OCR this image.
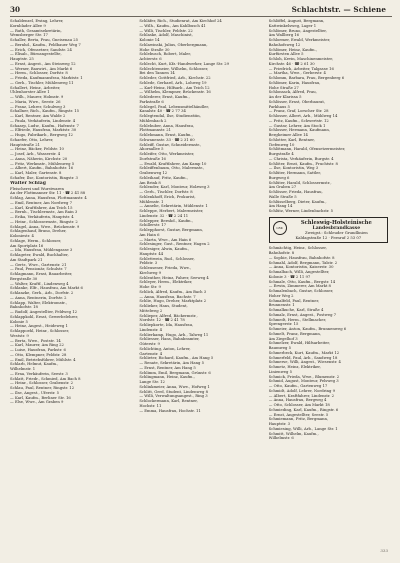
30	Schlachtstr. — Schiene
Schaldenzel, Ewing, Lehrer,
Kornblader Allee 9
— Ruth, Gesamtsekretärin,
Wemsberger Str. 17
Schaller, Berta, Frau, Gneisenau 25
— Bernhd., Kaufm., Feldbauer Weg 7
— Erich, Ofensetzer, Sandstr. 24
— Elisab., Büroangestellte,
Hauptstr. 25
— Ernst, Angest., Am Steinweg 12
— Werner, Bauwirt., Am Markt 6
— Herm., Schlosser, Dorfstr. 8
— Frieda, Kaufmannsfrau, Marktstr. 1
— Gerh., Tischler, Mühlenweg 11
Schallert, Heinr., Arbeiter,
Uhlenhorster Allee 1
— Wilh., Maurer, Holmstr. 9
— Maria, Wwe., Seestr. 26
— Franz, Lehrer, Schulweg 3
Schallner, Rich., Kaufm., Ringstr. 15
— Karl, Rentner, Am Walde 2
— Paula, Verkäuferin, Lindenstr. 4
Schaarp, Ludw., Kaufm., Hafenstr. 7
— Elfriede, Hausfrau, Marktstr. 30
— Hugo, Fabrikarb., Bergweg 12
Schaefer, Otto, Lehrer,
Hauptstraße 21
— Heinz, Bäcker, Feldstr. 10
— Josef, Arb., Wasserstr. 4
— Anna, Näherin, Kirchstr. 20
— Fritz, Werkmstr., Mühlenweg 5
— Albert, Kaufm., Bahnhofstr. 16
— Karl, Maler, Gartenstr. 8
Schafer, Ilse, Kontoristin, Ringstr. 3
Walter Schlag
Fleischerei und Wurstwaren
An der Flottmanner Str. 11 · ☎ 2 41 88
Schlag, Anna, Hausfrau, Flottmannstr. 4
— Emil, Rentner, Am Nordweg 7
— Karl, Kraftfahrer, Am Teich 15
— Bernh., Tischlermstr., Am Rain 3
— Erika, Verkäuferin, Hauptstr. 4
— Heinr., Schlossermstr., Ringstr. 2
Schlagel, Anna, Wwe., Brückenstr. 9
Schlagenhauf, Bruno, Dreher,
Koloniestr. 4
Schlage, Herm., Schlosser,
Am Sportplatz 16
— Ida, Hausfrau, Mühlengasse 3
Schlageter, Ewald, Buchhalter,
Am Stadtpark 21
— Gertr., Wwe., Gartenstr. 21
— Paul, Pensionär, Schulstr. 7
Schlagmann, Ernst, Bauarbeiter,
Bergstraße 30
— Walter, Kraftf., Lindenweg 4
Schlanke, Elfr., Hausfrau, Am Markt 6
Schlanzke, Gerh., Arb., Dorfstr. 2
— Anna, Rentnerin, Dorfstr. 2
Schlapp, Walter, Elektromstr.,
Bahnhofstr. 18
— Rudolf, Angestellter, Feldweg 12
Schlappkohl, Ernst, Gewerbelehrer,
Kolonie 5
— Heinz, Angest., Heideweg 1
Schlappoehl, Heinr., Schlosser,
Weststr. 9
— Berta, Wwe., Poststr. 14
— Karl, Maurer, Am Ring 22
— Luise, Hausfrau, Parkstr. 6
— Otto, Klempner, Feldstr. 28
— Emil, Betriebsführer, Mühlstr. 4
Schlarb, Helmut, Kaufm.,
Wilhelmstr. 1
— Erna, Verkäuferin, Seestr. 3
Schlatt, Friedr., Schmied, Am Bach 8
— Heinr., Schlosser, Grabenstr. 2
Schlau, Paul, Rentner, Ringstr. 12
— Ilse, Angest., Uferstr. 5
— Karl, Kaufm., Berliner Str. 16
— Else, Wwe., Am Graben 9
Schläfer, Rich., Studienrat, Am Kirchhof 24
— Wilh., Kaufm., Am Kahlbusch 41
— Willi, Tischler, Feldstr. 22
Schlaske, Adolf, Maschinist,
Kolonie 14
Schlawinski, Julius, Oberbergmann,
Hohe Straße 30
Schlebusch, Robert, Maler,
Achterstr. 6
Schlecht, Kurt, Kfz.-Handwerker, Lange Str. 29
Schlechtemeier, Wilhelm, Schlosser,
Bei den Tannen 14
Schleder, Gottfried, Arb., Kirchstr. 22
Schlede, Gerhard, Arb., Lohweg 19
— Karl-Heinz, Hilfsarb., Am Teich 12
— Wilhelm, Klempner, Brückenstr. 16
Schlederer, Ernst, Kaufm.,
Parkstraße 6
Schlegel, Paul, Lebensmittelhändler,
Kanalstr. 40 · ☎ 2 77 34
Schlegtendal, Ilse, Studienrätin,
Mühlenbach 2
Schlehuber, Anna, Hausfrau,
Flottmannstr. 21
Schlehmann, Ernst, Kaufm.,
Schwanenstr. 33 · ☎ 2 31 60
Schleiff, Gustav, Schneidermstr.,
Ahornallee 5
Schleifer, Otto, Werkmeister,
Dorfstraße 16
— Ewald, Kraftfahrer, Am Kamp 10
Schleiffenbaum, Otto, Malermstr.,
Grabenweg 12
Schleihauf, Fritz, Kaufm.,
Am Brink 8
Schlender, Karl, Monteur, Holzweg 3
— Gerh., Tischler, Dorfstr. 8
Schlenkhoff, Erich, Prokurist,
Mühlenstr. 1
— Annelie, Sekretärin, Mühlenstr. 1
Schleppe, Herbert, Malermeister,
Lindenstr. 32 · ☎ 2 24 11
Schlepper, Bernhd., Kaufm.,
Schillerstr. 17
Schlepphorst, Gustav, Bergmann,
Am Hain 6
— Marta, Wwe., Am Hain 6
Schlesinger, Gust., Rentner, Hagen 2
Schlesiger, Alwin, Kaufm.,
Hauptstr. 44
Schlettwein, Rud., Schlosser,
Feldstr. 3
Schleusener, Frieda, Wwe.,
Kirchweg 9
Schleuther, Heinz, Fahrer, Seeweg 4
Schleyer, Herm., Elektriker,
Hohe Str. 9
Schlick, Alfred, Kaufm., Am Bach 3
— Anna, Hausfrau, Bachstr. 7
Schlie, Hugo, Dreher, Marktplatz 2
Schlieker, Hans, Student,
Mittelweg 2
Schlieper, Alfred, Bäckermstr.,
Nordstr. 12 · ☎ 2 41 78
Schliepkorte, Ida, Hausfrau,
Lindenstr. 4
Schlierkamp, Hugo, Arb., Talweg 11
Schliesser, Hans, Bahnbeamter,
Güterstr. 9
Schlichting, Anton, Lehrer,
Gartenstr. 4
Schlieter, Richard, Kaufm., Am Hang 5
— Renate, Sekretärin, Am Hang 5
— Ernst, Rentner, Am Hang 5
Schlimm, Emil, Bergmann, Grünstr. 6
Schlingmann, Heinz, Kaufm.,
Lange Str. 12
Schlinkmeier, Anna, Wwe., Hofweg 1
Schlitt, Gerd, Student, Lindenweg 8
— Willi, Verwaltungsangest., Ring 3
Schlockermann, Karl, Rentner,
Hochstr. 11
— Emma, Hausfrau, Hochstr. 11
Schlöffel, August, Bergmann,
Kattwinkelsweg, Lager 1
Schlömer, Bruno, Angestellter,
Am Wallberg 16
Schloemer, Ewald, Werkmeister,
Bahnhofsweg 12
Schlömer, Heinz, Kaufm.,
Kurfürsten Allee 5
Schloh, Kevin, Maschinenmeister,
Kirchstr. 46 · ☎ 2 61 30
— Friedrich, Arbeiter, Talgasse 16
— Martha, Wwe., Gerberstr. 4
Schlomm, Barbara, Frau, Bergenberg 6
Schlömer, Karin, Hausfrau,
Hohe Straße 27
Schlonsack, Alfred, Frau,
An der Klarissa 5
Schlösser, Ernst, Oberbaurat,
Parkhaus 5
— Franz, Graf, Lorscher Str. 28
Schlosser, Albert, Arb., Mühlweg 14
— Fritz, Kaufm., Schwertstr. 12
— Gustav, Lehrer, Am Stock 1
Schlosser, Hermann, Kaufmann,
Bergheimer Allee 14
Schlotter, Karl, Rentner,
Tiefenweg 10
Schlötmann, Harald, Ofensetzermeister,
Burgstraße 4
— Christa, Verkäuferin, Burgstr. 4
Schlöter, Ernst, Kaufm., Fruchtstr. 8
— Ilse, Kontoristin, Weg 3
Schlüter, Hermann, Sattler,
Burgweg 6
Schlüter, Harald, Schlossermstr.,
Am Graben 27
Schlösser, Frieda, Hausfrau,
Walle Straße 5
Schlüsselberg, Dieter, Kaufm.,
Am Hang 14
Schlütz, Werner, Lindenbachstr. 5
LBK
Schleswig-Holsteinische
Landesbrandkasse
Zweigst.: Schleuder Grundlinien
Kaldagstraße 12 · Fernruf 2 53 07
Schmächtig, Heinr., Schlosser,
Bahnhofstr. 8
— Sophie, Hausfrau, Bahnhofstr. 8
Schmahl, Adolf, Bergmann, Talstr. 2
— Anna, Kontoristin, Kaiserstr. 30
Schmalbach, Willi, Angestellter,
Kolonie 3 · ☎ 2 11 97
Schmale, Otto, Kaufm., Bergstr. 14
— Erwin, Zimmerer, Am Markt 8
Schmalenbach, Gustav, Schlosser,
Hoher Weg 2
Schmalfeld, Paul, Rentner,
Brunnenstr. 1
Schmalkuche, Karl, Straße 4
Schmalz, Ernst, Angest., Postweg 7
Schmedt, Herm., Stellmacher,
Sprengerstr. 15
Schmeier, Anton, Kaufm., Brunnenweg 6
Schmelt, Franz, Bergmann,
Am Ziegelhof 3
Schmelzer, Ewald, Hilfsarbeiter,
Baumweg 5
Schmerbeck, Kurt, Kaufm., Markt 12
Schmerfeld, Paul, Arb., Sandweg 18
Schmerse, Willi, Angest., Wiesenstr. 4
Schmetz, Heinz, Elektriker,
Linienweg 5
Schmick, Frieda, Wwe., Blumenstr. 2
Schmid, August, Monteur, Felsweg 3
— Otto, Kaufm., Gartenweg 17
Schmidt, Adolf, Lehrer, Nordring 9
— Albert, Kraftfahrer, Lindenstr. 2
— Anna, Hausfrau, Bergweg 4
— Otto, Schlosser, Am Markt 18
Schmieding, Karl, Kaufm., Ringstr. 6
— Ernst, Angestellter, Seestr. 5
Schmiemann, Fritz, Bergmann,
Hauptstr. 3
Schmiesing, Willi, Arb., Lange Str. 1
Schmitt, Wilhelm, Kaufm.,
Wilhelmstr. 6
333
